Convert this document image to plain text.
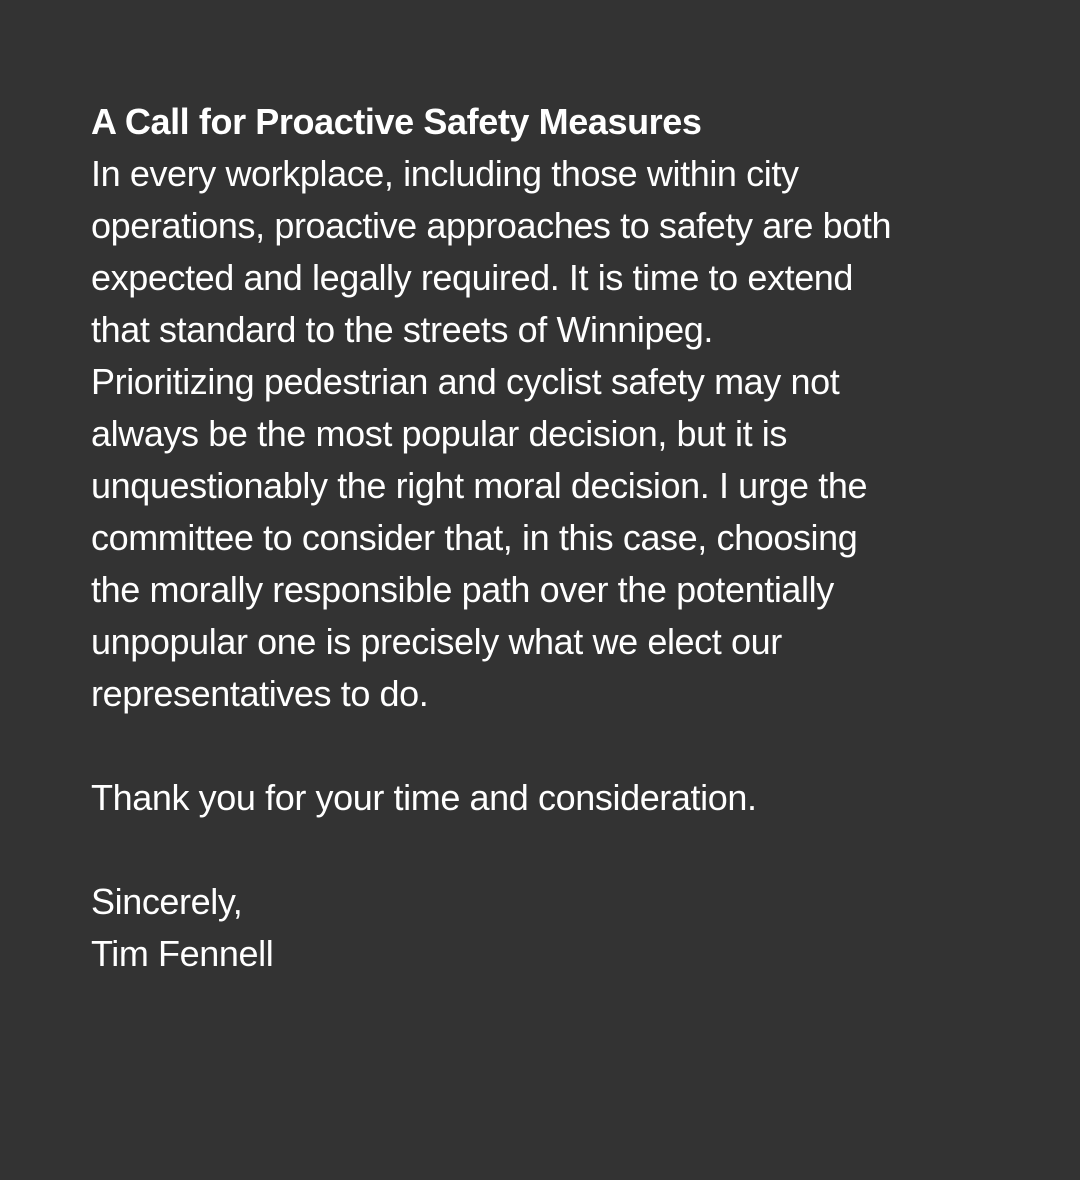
A Call for Proactive Safety Measures
In every workplace, including those within city
operations, proactive approaches to safety are both
expected and legally required. It is time to extend
that standard to the streets of Winnipeg.
Prioritizing pedestrian and cyclist safety may not
always be the most popular decision, but it is
unquestionably the right moral decision. I urge the
committee to consider that, in this case, choosing
the morally responsible path over the potentially
unpopular one is precisely what we elect our
representatives to do.
Thank you for your time and consideration.
Sincerely,
Tim Fennell
